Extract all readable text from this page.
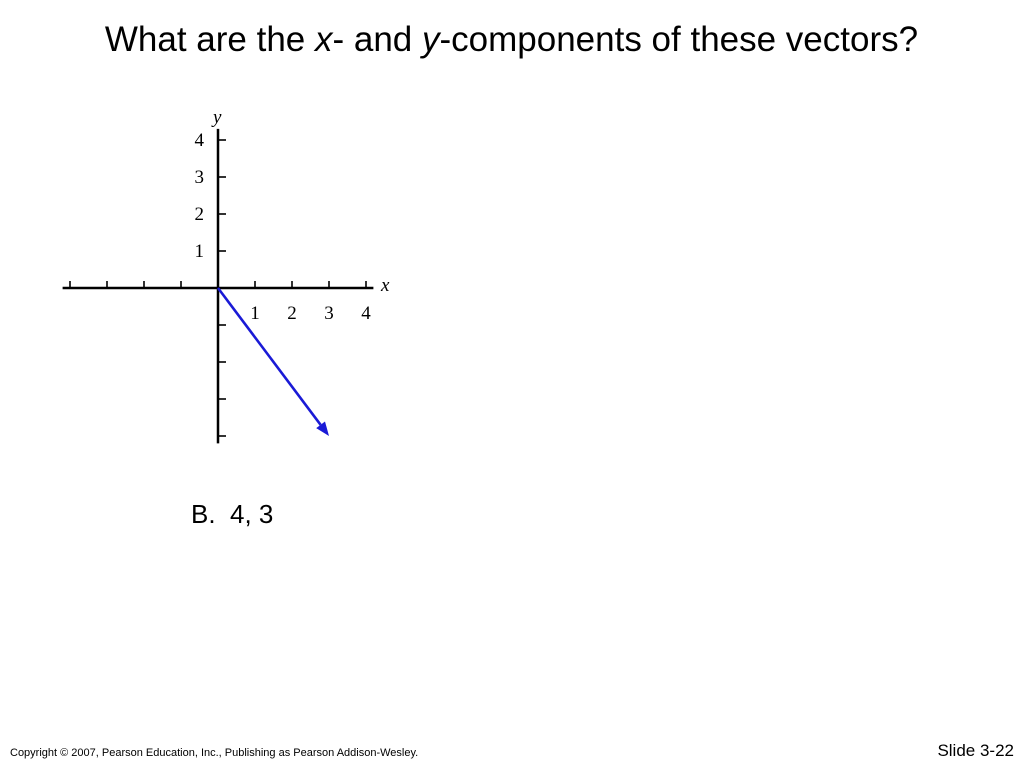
What are the x- and y-components of these vectors?
1 2 3 4
1
2
3
4
x
y
B.  4, 3
Copyright © 2007, Pearson Education, Inc., Publishing as Pearson Addison-Wesley.	Slide 3-22
